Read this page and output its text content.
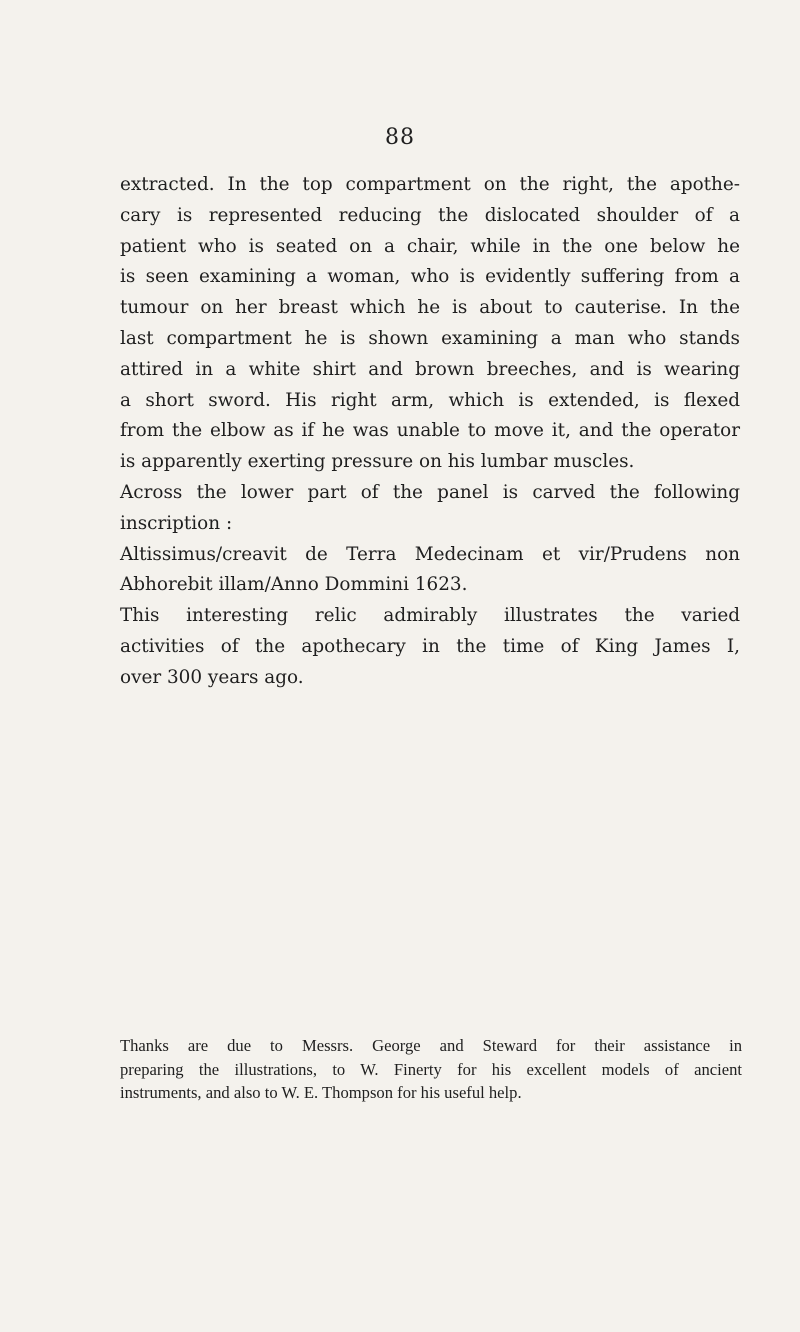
88
extracted. In the top compartment on the right, the apothe-
cary is represented reducing the dislocated shoulder of a
patient who is seated on a chair, while in the one below he
is seen examining a woman, who is evidently suffering from a
tumour on her breast which he is about to cauterise. In the
last compartment he is shown examining a man who stands
attired in a white shirt and brown breeches, and is wearing
a short sword. His right arm, which is extended, is flexed
from the elbow as if he was unable to move it, and the operator
is apparently exerting pressure on his lumbar muscles.
Across the lower part of the panel is carved the following
inscription :
Altissimus/creavit de Terra Medecinam et vir/Prudens non
Abhorebit illam/Anno Dommini 1623.
This interesting relic admirably illustrates the varied
activities of the apothecary in the time of King James I,
over 300 years ago.
Thanks are due to Messrs. George and Steward for their assistance in
preparing the illustrations, to W. Finerty for his excellent models of ancient
instruments, and also to W. E. Thompson for his useful help.
